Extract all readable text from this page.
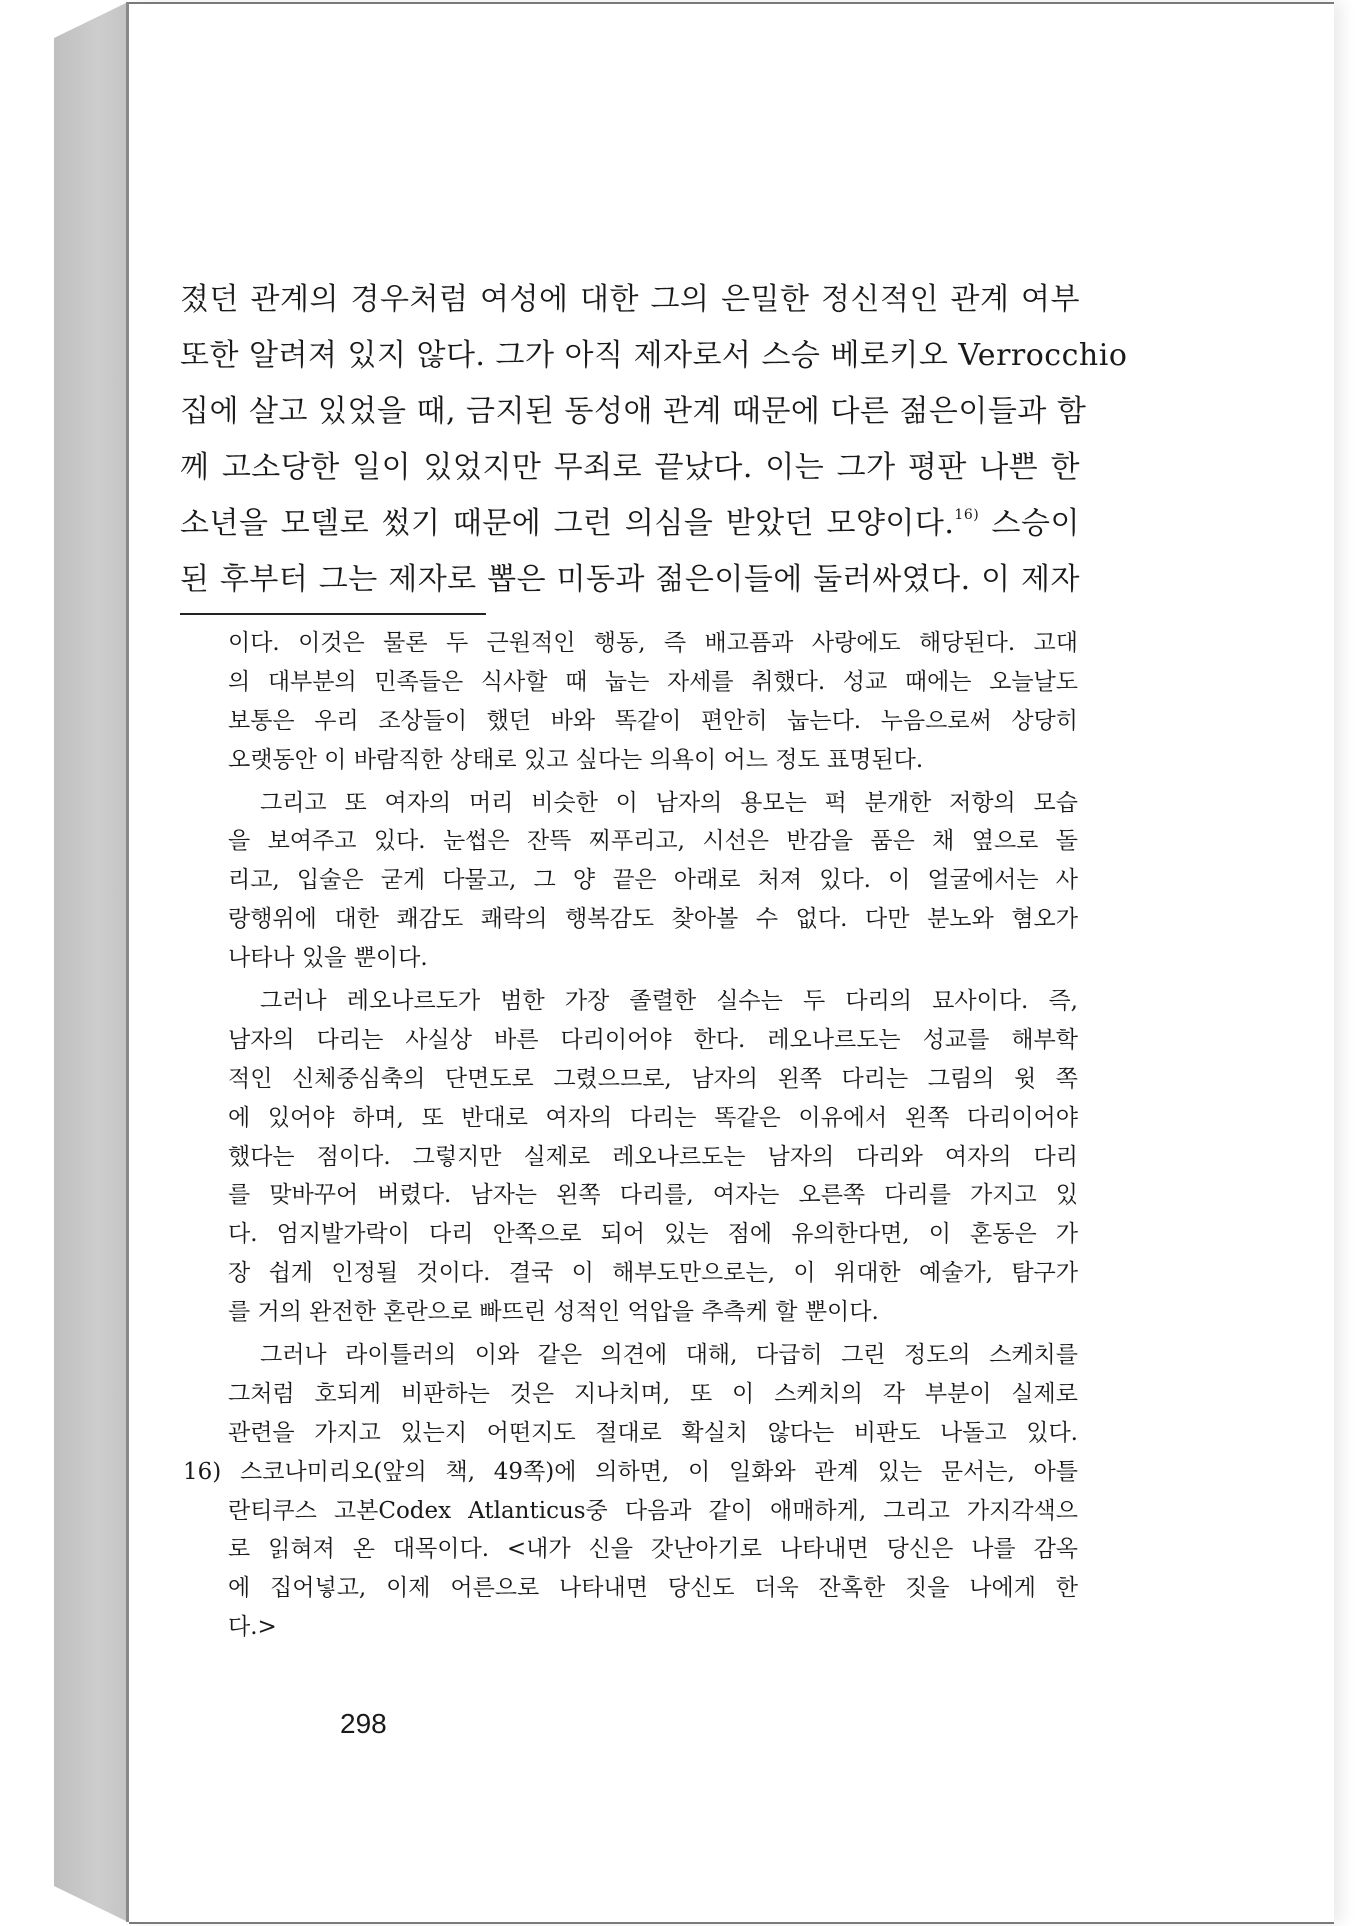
졌던 관계의 경우처럼 여성에 대한 그의 은밀한 정신적인 관계 여부
또한 알려져 있지 않다. 그가 아직 제자로서 스승 베로키오 Verrocchio
집에 살고 있었을 때, 금지된 동성애 관계 때문에 다른 젊은이들과 함
께 고소당한 일이 있었지만 무죄로 끝났다. 이는 그가 평판 나쁜 한
소년을 모델로 썼기 때문에 그런 의심을 받았던 모양이다.$^{16)}$ 스승이
된 후부터 그는 제자로 뽑은 미동과 젊은이들에 둘러싸였다. 이 제자
이다. 이것은 물론 두 근원적인 행동, 즉 배고픔과 사랑에도 해당된다. 고대
의 대부분의 민족들은 식사할 때 눕는 자세를 취했다. 성교 때에는 오늘날도
보통은 우리 조상들이 했던 바와 똑같이 편안히 눕는다. 누음으로써 상당히
오랫동안 이 바람직한 상태로 있고 싶다는 의욕이 어느 정도 표명된다.
그리고 또 여자의 머리 비슷한 이 남자의 용모는 퍽 분개한 저항의 모습
을 보여주고 있다. 눈썹은 잔뜩 찌푸리고, 시선은 반감을 품은 채 옆으로 돌
리고, 입술은 굳게 다물고, 그 양 끝은 아래로 처져 있다. 이 얼굴에서는 사
랑행위에 대한 쾌감도 쾌락의 행복감도 찾아볼 수 없다. 다만 분노와 혐오가
나타나 있을 뿐이다.
그러나 레오나르도가 범한 가장 졸렬한 실수는 두 다리의 묘사이다. 즉,
남자의 다리는 사실상 바른 다리이어야 한다. 레오나르도는 성교를 해부학
적인 신체중심축의 단면도로 그렸으므로, 남자의 왼쪽 다리는 그림의 윗 쪽
에 있어야 하며, 또 반대로 여자의 다리는 똑같은 이유에서 왼쪽 다리이어야
했다는 점이다. 그렇지만 실제로 레오나르도는 남자의 다리와 여자의 다리
를 맞바꾸어 버렸다. 남자는 왼쪽 다리를, 여자는 오른쪽 다리를 가지고 있
다. 엄지발가락이 다리 안쪽으로 되어 있는 점에 유의한다면, 이 혼동은 가
장 쉽게 인정될 것이다. 결국 이 해부도만으로는, 이 위대한 예술가, 탐구가
를 거의 완전한 혼란으로 빠뜨린 성적인 억압을 추측케 할 뿐이다.
그러나 라이틀러의 이와 같은 의견에 대해, 다급히 그린 정도의 스케치를
그처럼 호되게 비판하는 것은 지나치며, 또 이 스케치의 각 부분이 실제로
관련을 가지고 있는지 어떤지도 절대로 확실치 않다는 비판도 나돌고 있다.
16) 스코나미리오(앞의 책, 49쪽)에 의하면, 이 일화와 관계 있는 문서는, 아틀
란티쿠스 고본Codex Atlanticus중 다음과 같이 애매하게, 그리고 가지각색으
로 읽혀져 온 대목이다. <내가 신을 갓난아기로 나타내면 당신은 나를 감옥
에 집어넣고, 이제 어른으로 나타내면 당신도 더욱 잔혹한 짓을 나에게 한
다.>
298
